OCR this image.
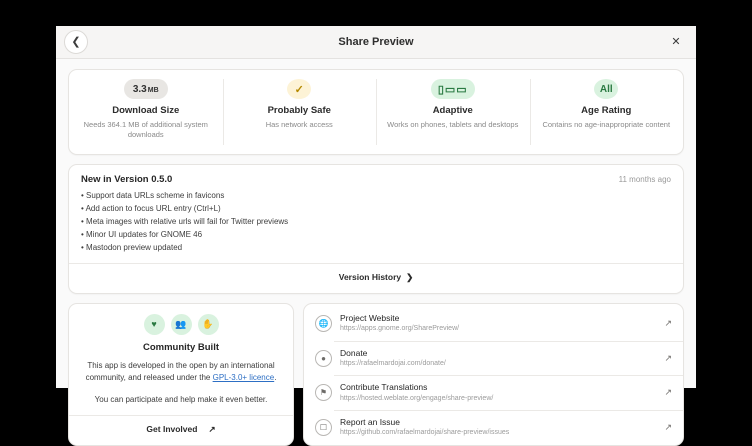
❮	Share Preview	✕
3.3 MB
Download Size
Needs 364.1 MB of additional system downloads
✓
Probably Safe
Has network access
▯▭▭
Adaptive
Works on phones, tablets and desktops
All
Age Rating
Contains no age-inappropriate content
New in Version 0.5.0	11 months ago
• Support data URLs scheme in favicons
• Add action to focus URL entry (Ctrl+L)
• Meta images with relative urls will fail for Twitter previews
• Minor UI updates for GNOME 46
• Mastodon preview updated
Version History ❯
♥	👥	✋
Community Built

This app is developed in the open by an international community, and released under the GPL-3.0+ licence.

You can participate and help make it even better.

Get Involved	↗
🌐
Project Website
https://apps.gnome.org/SharePreview/
↗
●
Donate
https://rafaelmardojai.com/donate/
↗
⚑
Contribute Translations
https://hosted.weblate.org/engage/share-preview/
↗
☐
Report an Issue
https://github.com/rafaelmardojai/share-preview/issues
↗
